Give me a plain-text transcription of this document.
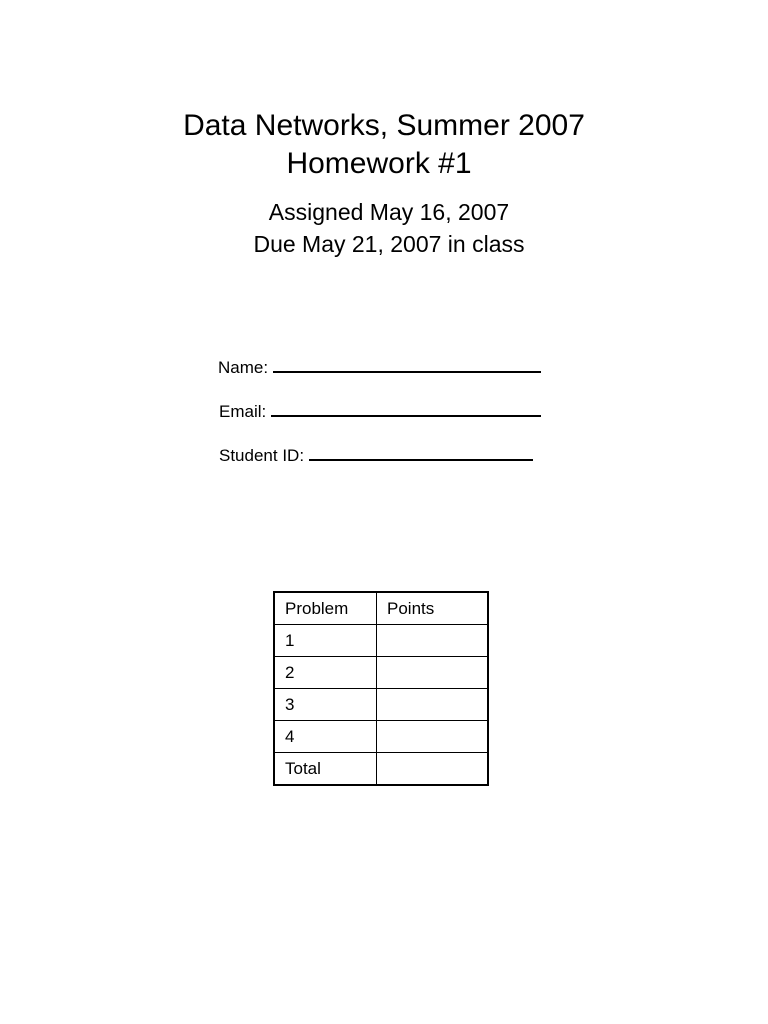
Data Networks, Summer 2007
Homework #1
Assigned May 16, 2007
Due May 21, 2007 in class
Name:
Email:
Student ID:
Problem	Points
1	
2	
3	
4	
Total	
